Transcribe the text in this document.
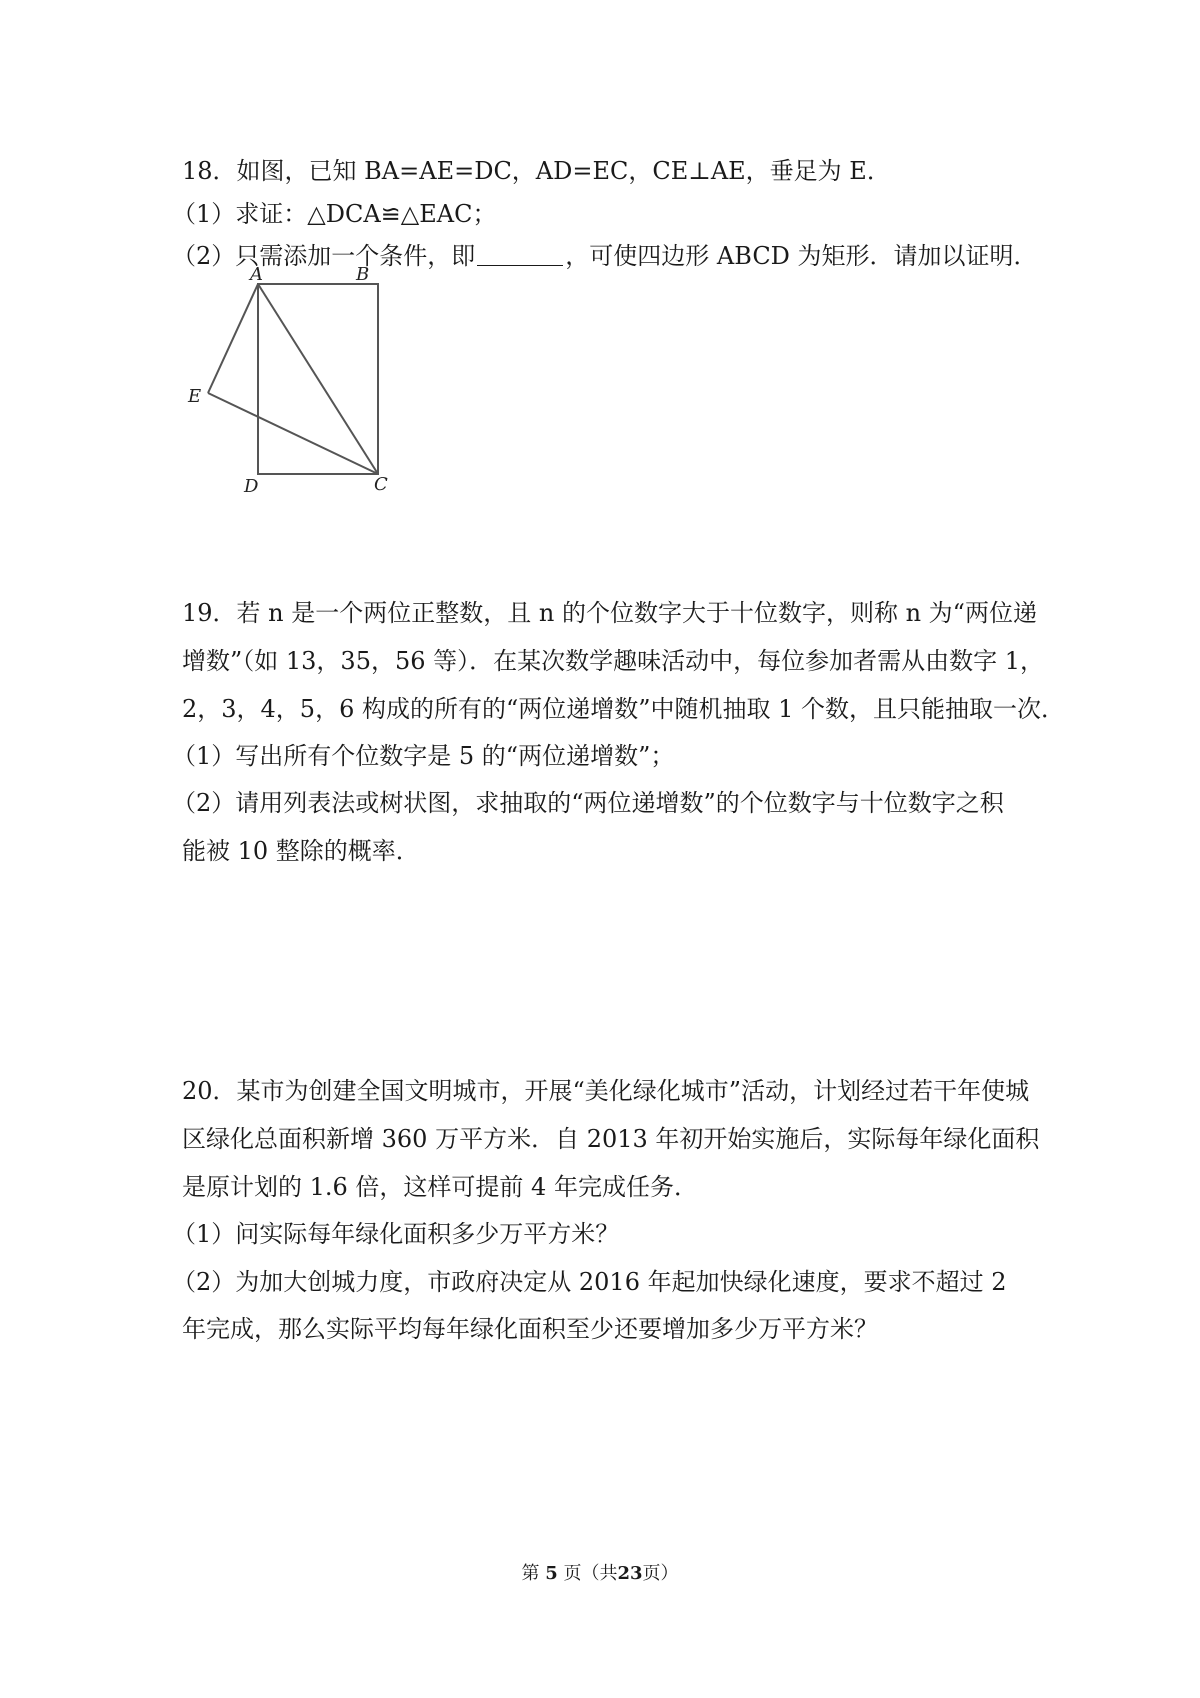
18．如图，已知 BA=AE=DC，AD=EC，CE⊥AE，垂足为 E．
（1）求证：△DCA≌△EAC；
（2）只需添加一个条件，即	，可使四边形 ABCD 为矩形．请加以证明．
A	B
C
D
E
19．若 n 是一个两位正整数，且 n 的个位数字大于十位数字，则称 n 为“两位递
增数”（如 13，35，56 等）．在某次数学趣味活动中，每位参加者需从由数字 1，
2，3，4，5，6 构成的所有的“两位递增数”中随机抽取 1 个数，且只能抽取一次．
（1）写出所有个位数字是 5 的“两位递增数”；
（2）请用列表法或树状图，求抽取的“两位递增数”的个位数字与十位数字之积
能被 10 整除的概率．
20．某市为创建全国文明城市，开展“美化绿化城市”活动，计划经过若干年使城
区绿化总面积新增 360 万平方米．自 2013 年初开始实施后，实际每年绿化面积
是原计划的 1.6 倍，这样可提前 4 年完成任务．
（1）问实际每年绿化面积多少万平方米？
（2）为加大创城力度，市政府决定从 2016 年起加快绿化速度，要求不超过 2
年完成，那么实际平均每年绿化面积至少还要增加多少万平方米？
第 5 页（共23页）
